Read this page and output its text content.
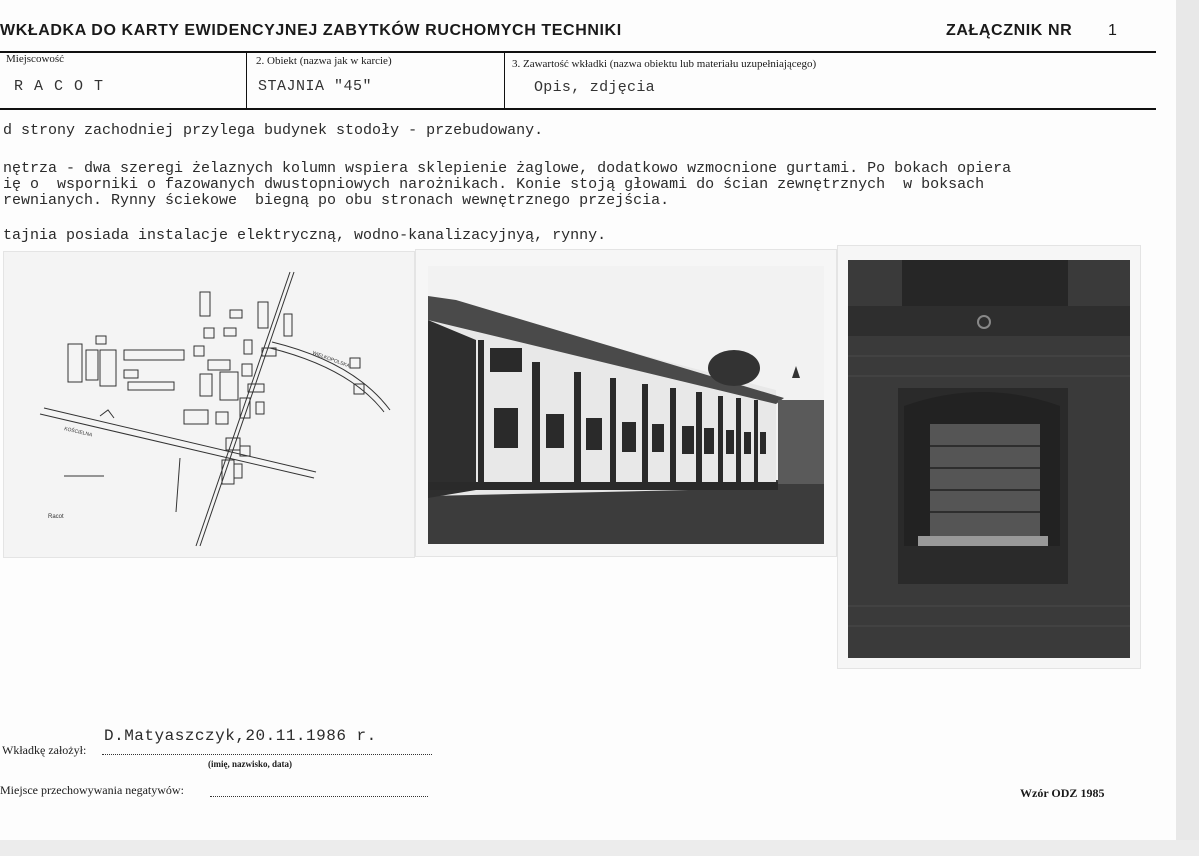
WKŁADKA DO KARTY EWIDENCYJNEJ ZABYTKÓW RUCHOMYCH TECHNIKI	ZAŁĄCZNIK NR 1
Miejscowość
R A C O T
2. Obiekt (nazwa jak w karcie)
STAJNIA "45"
3. Zawartość wkładki (nazwa obiektu lub materiału uzupełniającego)
Opis, zdjęcia
d strony zachodniej przylega budynek stodoły - przebudowany.
nętrza - dwa szeregi żelaznych kolumn wspiera sklepienie żaglowe, dodatkowo wzmocnione gurtami. Po bokach opiera
ię o  wsporniki o fazowanych dwustopniowych narożnikach. Konie stoją głowami do ścian zewnętrznych  w boksach
rewnianych. Rynny ściekowe  biegną po obu stronach wewnętrznego przejścia.
tajnia posiada instalacje elektryczną, wodno-kanalizacyjnyą, rynny.
Racot
WIELKOPOLSKA
KOŚCIELNA
D.Matyaszczyk,20.11.1986 r.
Wkładkę założył:
(imię, nazwisko, data)
Miejsce przechowywania negatywów:	Wzór ODZ 1985
